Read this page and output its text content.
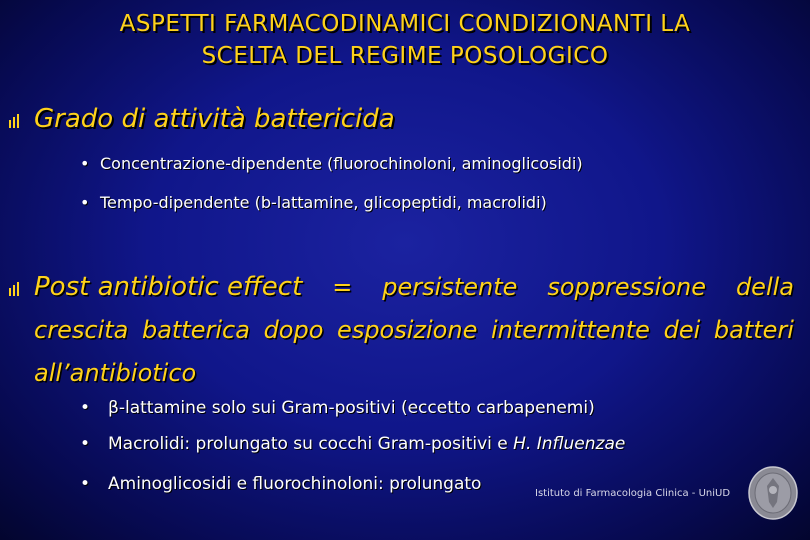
ASPETTI FARMACODINAMICI CONDIZIONANTI LA
SCELTA DEL REGIME POSOLOGICO
Grado di attività battericida
• Concentrazione-dipendente (fluorochinoloni, aminoglicosidi)
• Tempo-dipendente (b-lattamine, glicopeptidi, macrolidi)
Post antibiotic effect = persistente soppressione della
crescita batterica dopo esposizione intermittente dei batteri
all’antibiotico
• β-lattamine solo sui Gram-positivi (eccetto carbapenemi)
• Macrolidi: prolungato su cocchi Gram-positivi e H. Influenzae
• Aminoglicosidi e fluorochinoloni: prolungato	Istituto di Farmacologia Clinica - UniUD
